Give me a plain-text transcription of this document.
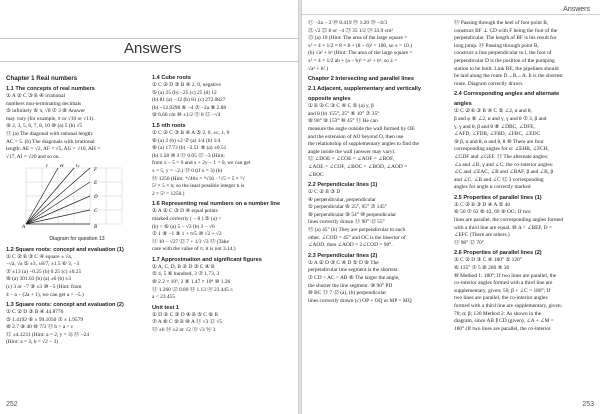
Answers
Chapter 1 Real numbers
1.1 The concepts of real numbers
① A ② C ③ B ④ irrational
numbers non-terminating decimals
⑤ infinitely ⑥ π, √8 ⑦ 3 ⑧ Answer
may vary (for example, π or √10 or √11).
⑨ 2, 3, 5, 6, 7, 8, 10 ⑩ (a) 5 (b) √5
⑪ (a) The diagonal with rational length:
AC = 5. (b) The diagonals with irrational
length: AE = √2, AF = √5, AG = √10, AH =
√17, AI = √20 and so on.
A	B
C
D
E
F
G
H
I
Diagram for question 13
1.2 Square roots: concept and evaluation (1)
① C ② B ③ C ④ square ± √a,
−√a, √a ⑤ ±3, ±8/7, ±1.5 ⑥ 3, −3
⑦ ±13 (a) −0.25 (b) 0.25 (c) ±0.25
⑧ (a) 301.63 (b) (a) ±6 (b) ±3
(c) 3 or −7 ⑨ ±3 ⑩ −5 (Hint: from
4 − a − (2a + 1), we can get a = −5.)
1.3 Square roots: concept and evaluation (2)
① C ② D ③ B ④ 44.8776
⑤ 1.4192 ⑥ ± 99.1050 ⑦ ± 1.9579
⑧ 2.7 ⑨ 40 ⑩ 7/3 ⑪ b > a > c
⑫ ±4.1231 (Hint: a = 2, y = 3) ⑬ −24
(Hint: a = 3, b = √2 − 3)
1.4 Cube roots
① C ② D ③ B ④ 2, 0, negative
⑤ (a) 25 (b) −25 (c) 25 (d) 12
(b) 81 (a) −12 (b) 81 (c) 272.0827
(b) −12.9298 ⑥ −4 ⑦ −2a ⑧ 2.88
⑨ 6.66 cm ⑩ ±1/2 ⑪ 8 ⑫ −√4
1.5 nth roots
① C ② C ③ B ④ A ⑤ 2, 0, ±c, 1, 0
⑥ (a) 2 (b) ±2 ⑦ (a) 1/4 (b) 1/4
⑧ (a) 17.73 (b) −2.51 ⑨ (a) ±0.51
(b) 1.58 ⑩ 3 ⑪ 0.05 ⑫ −3 (Hint:
from x − 5 = 0 and x + 2y − 1 = 0, we can get
x = 5, y = −2.) ⑬ 0 (if x = 3) (b)
⑭ 1250 (Hint: ⁴√40x = ⁴√16 · ⁵√5 = 5 × ⁵√
5² × 5 × n; so the least possible integer n is
2 × 5³ = 1250.)
1.6 Representing real numbers on a number line
① A ② C ③ D ④ equal points
marked correctly ( − 8 ) ⑤ (a) <
(b) > ⑥ (a) 5 − √3 (b) 3 − √6
⑦ 1 ⑧ −1 ⑨ 1 + π/5 ⑩ √2 + √3
⑪ 10 − √27 ⑫ 7 + 1/3 √3 ⑬ (Take
care with the value of π, it is not 3.14.)
1.7 Approximation and significant figures
① A, C, D, B ② D ③ C ④ B
⑤ 4, 5 ⑥ hundred, 3 ⑦ 1.73, 3
⑧ 2.2 × 10⁵, 2 ⑨ 1.47 × 10⁴ ⑩ 1.26
⑪ 1.260 ⑫ 0.89 ⑬ 1.13 ⑭ 23.445 ≤
a < 23.455
Unit test 1
① D ② C ③ D ④ B ⑤ C ⑥ B
⑦ A ⑧ C ⑨ B ⑩ A ⑪ √3 ⑫ √5
⑬ ±6 ⑭ ±2 or √2 ⑮ √3 ⑯ 3
252
Answers
⑰ −2a − 2 ⑱ 0.419 ⑲ 1.20 ⑳ −4/3
㉑ √2 ㉒ 8 or −4 ㉓ 35 1/2 ㉔ 33.9 cm²
㉕ (a) 10 (Hint: The area of the large square =
x² = 4 × 1/2 × 8 × 8 + (8 − 6)² = 100, so x = 10.)
(b) √a² + b² (Hint: The area of the large square =
x² = 4 × 1/2 ab + (a − b)² = a² + b², so x =
√a² + b².)
Chapter 2 Intersecting and parallel lines
2.1 Adjacent, supplementary and vertically
opposite angles
① B ② C ③ C ④ C ⑤ (a) y, β
and θ (b) 155°, 25° ⑥ 10° ⑦ 35°
⑧ 90° ⑨ 153° ⑩ 45° ⑪ He can
measure the angle outside the wall formed by OE
and the extension of AO beyond O, then use
the relationship of supplementary angles to find the
angle inside the wall (answer may vary).
⑫ ∠DOE = ∠COE = ∠AOF = ∠BOF,
∠AOE = ∠COF, ∠BOC = ∠BOD, ∠AOD =
∠BOC
2.2 Perpendicular lines (1)
① C ② B ③ D
④ perpendicular, perpendicular
⑤ perpendicular ⑥ 25°, 65° ⑦ 145°
⑧ perpendicular ⑨ 54° ⑩ perpendicular
lines correctly drawn ⑪ 90° ⑫ 55°
⑬ (a) 45° (b) They are perpendicular to each
other. ∠COD = 45° and OC is the bisector of
∠AOD, then ∠AOD = 2∠COD = 90°.
2.3 Perpendicular lines (2)
① A ② D ③ C ④ D ⑤ D ⑥ The
perpendicular line segment is the shortest.
⑦ CD < AC < AB ⑧ The larger the angle,
the shorter the line segment. ⑨ 90° PD
⑩ BC ⑪ 7 ⑫ (a), (b) perpendicular
lines correctly drawn (c) OP + OQ or MP = MQ
⑬ Passing through the heel of foot point B,
construct BF ⊥ CD with F being the foot of the
perpendicular. The length of BF is his result for
long jump. ⑭ Passing through point B,
construct a line perpendicular to l, the foot of
perpendicular D is the position of the pumping
station to be built. Link BE, the pipelines should
be laid along the route D→B→A. It is the shortest
route. Diagram correctly drawn.
2.4 Corresponding angles and alternate
angles
① C ② B ③ B ④ C ⑤ ∠2, α and θ,
β and φ ⑥ ∠2, α and γ, γ and θ ⑦ 3, β and
γ, γ and θ, β and θ ⑧ ∠DBC, ∠DFE,
∠AFD, ∠FDB, ∠FBD, ∠FBC, ∠EDC
⑨ β, α and θ, α and θ, θ ⑩ There are four
corresponding angles for α: ∠EHB, ∠FCH,
∠GDF and ∠GEF. ⑪ The alternate angles:
∠a and ∠B, γ and ∠C; the co-interior angles:
∠C and ∠EAC, ∠B and ∠BAF, β and ∠B, β
and ∠C, ∠B and ∠C ⑫ 3 corresponding
angles for angle α correctly marked
2.5 Properties of parallel lines (1)
① C ② B ③ D ④ A ⑤ 40
⑥ 50 ⑦ 63 ⑧ 42, 69 ⑨ OG; If two
lines are parallel, the corresponding angles formed
with a third line are equal. ⑩ Δ < ∠BEF, D =
∠EFC (There are others.)
⑪ 98° ⑫ 70°
2.6 Properties of parallel lines (2)
① C ② D ③ C ④ 180° ⑤ 120°
⑥ 135° ⑦ 5 ⑧ 280 ⑨ 30
⑩ Method 1: 180°; If two lines are parallel, the
co-interior angles formed with a third line are
supplementary, given; 50; β + ∠C = 180°; If
two lines are parallel, the co-interior angles
formed with a third line are supplementary, given;
70; α; β; 120 Method 2: As shown in the
diagram, since AB ∥ CD (given), ∠A + ∠M =
180° (If two lines are parallel, the co-interior
253
